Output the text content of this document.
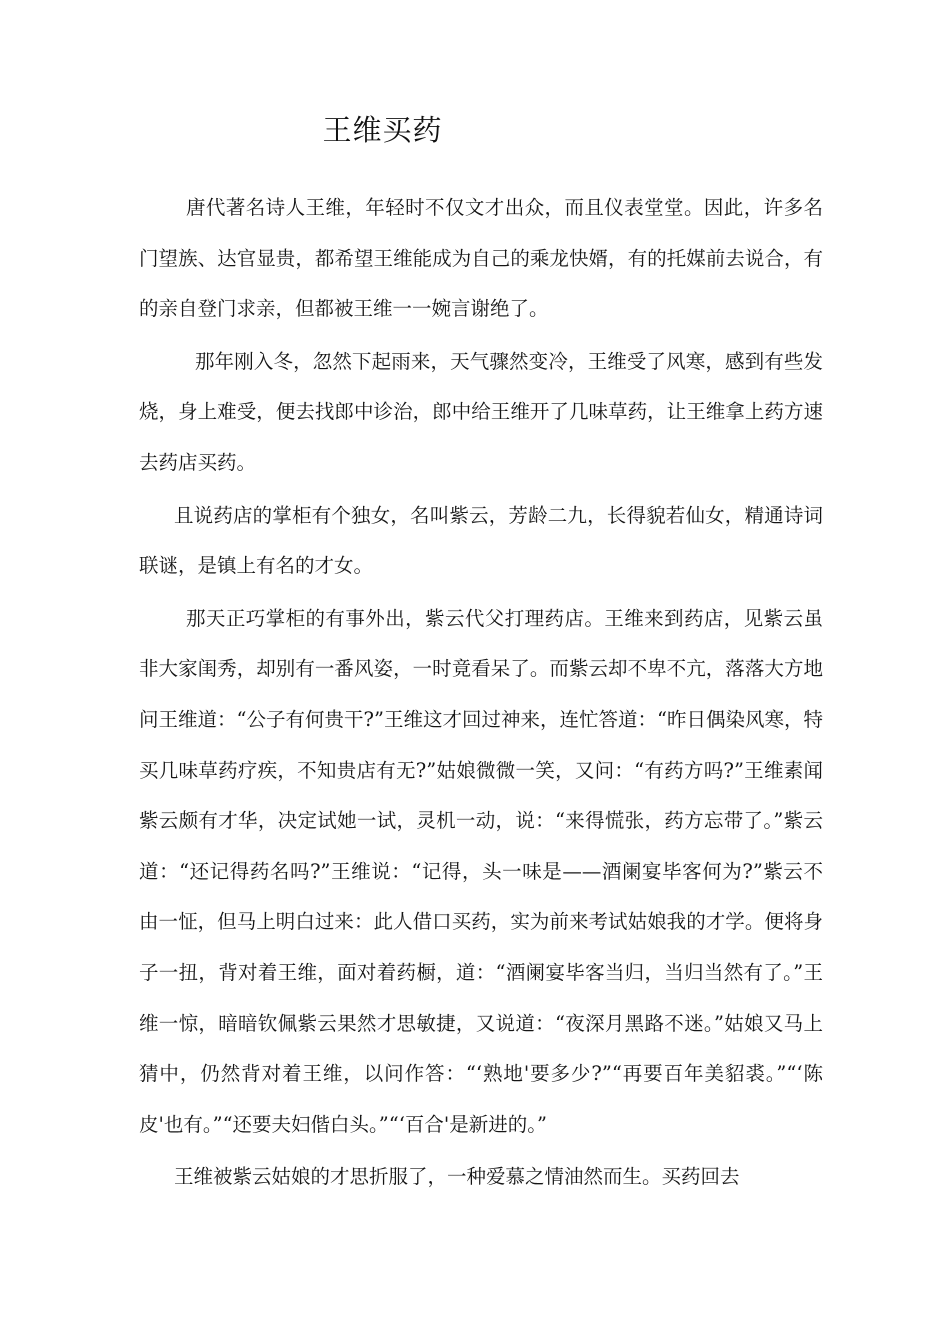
王维买药

唐代著名诗人王维，年轻时不仅文才出众，而且仪表堂堂。因此，许多名门望族、达官显贵，都希望王维能成为自己的乘龙快婿，有的托媒前去说合，有的亲自登门求亲，但都被王维一一婉言谢绝了。

那年刚入冬，忽然下起雨来，天气骤然变冷，王维受了风寒，感到有些发烧，身上难受，便去找郎中诊治，郎中给王维开了几味草药，让王维拿上药方速去药店买药。

且说药店的掌柜有个独女，名叫紫云，芳龄二九，长得貌若仙女，精通诗词联谜，是镇上有名的才女。

那天正巧掌柜的有事外出，紫云代父打理药店。王维来到药店，见紫云虽非大家闺秀，却别有一番风姿，一时竟看呆了。而紫云却不卑不亢，落落大方地问王维道：“公子有何贵干?”王维这才回过神来，连忙答道：“昨日偶染风寒，特买几味草药疗疾，不知贵店有无?”姑娘微微一笑，又问：“有药方吗?”王维素闻紫云颇有才华，决定试她一试，灵机一动，说：“来得慌张，药方忘带了。”紫云道：“还记得药名吗?”王维说：“记得，头一味是——酒阑宴毕客何为?”紫云不由一怔，但马上明白过来：此人借口买药，实为前来考试姑娘我的才学。便将身子一扭，背对着王维，面对着药橱，道：“酒阑宴毕客当归，当归当然有了。”王维一惊，暗暗钦佩紫云果然才思敏捷，又说道：“夜深月黑路不迷。”姑娘又马上猜中，仍然背对着王维，以问作答：“‘熟地'要多少?”“再要百年美貂裘。”“‘陈皮'也有。”“还要夫妇偕白头。”“‘百合'是新进的。”

王维被紫云姑娘的才思折服了，一种爱慕之情油然而生。买药回去
